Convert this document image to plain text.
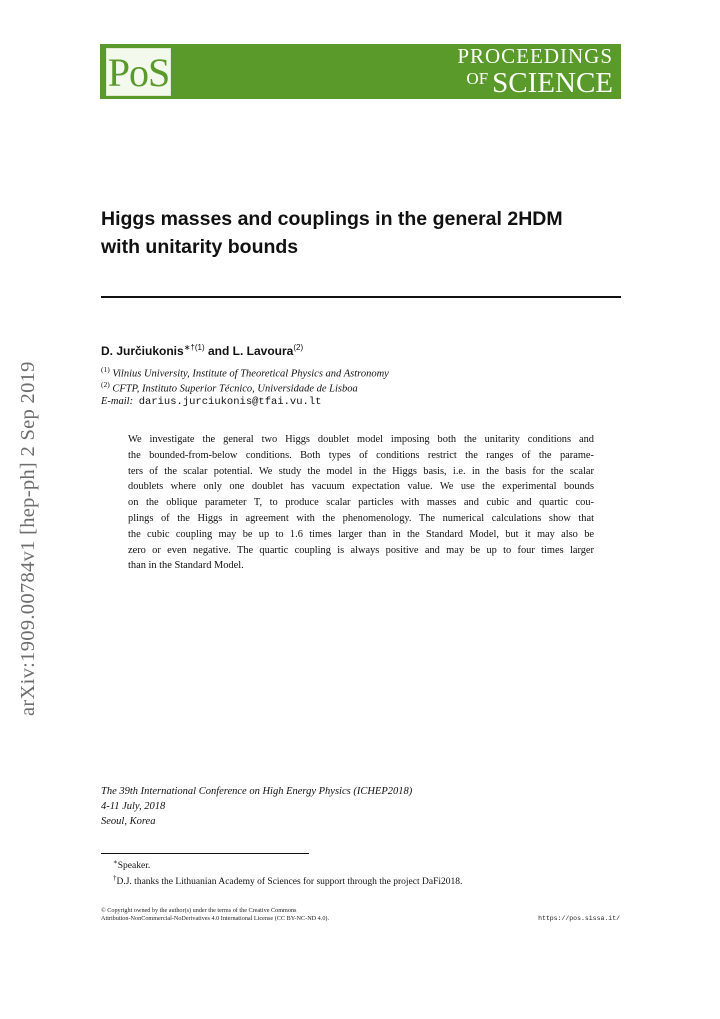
PoS	PROCEEDINGS
OF SCIENCE
arXiv:1909.00784v1 [hep-ph] 2 Sep 2019
Higgs masses and couplings in the general 2HDM
with unitarity bounds
D. Jurčiukonis$^{∗\dagger(1)}$ and L. Lavoura$^{(2)}$
$^{(1)}$ Vilnius University, Institute of Theoretical Physics and Astronomy
$^{(2)}$ CFTP, Instituto Superior Técnico, Universidade de Lisboa
E-mail: darius.jurciukonis@tfai.vu.lt
We investigate the general two Higgs doublet model imposing both the unitarity conditions and
the bounded-from-below conditions. Both types of conditions restrict the ranges of the parame-
ters of the scalar potential. We study the model in the Higgs basis, i.e. in the basis for the scalar
doublets where only one doublet has vacuum expectation value. We use the experimental bounds
on the oblique parameter T, to produce scalar particles with masses and cubic and quartic cou-
plings of the Higgs in agreement with the phenomenology. The numerical calculations show that
the cubic coupling may be up to 1.6 times larger than in the Standard Model, but it may also be
zero or even negative. The quartic coupling is always positive and may be up to four times larger
than in the Standard Model.
The 39th International Conference on High Energy Physics (ICHEP2018)
4-11 July, 2018
Seoul, Korea
∗Speaker.
†D.J. thanks the Lithuanian Academy of Sciences for support through the project DaFi2018.
© Copyright owned by the author(s) under the terms of the Creative Commons
Attribution-NonCommercial-NoDerivatives 4.0 International License (CC BY-NC-ND 4.0).	https://pos.sissa.it/
